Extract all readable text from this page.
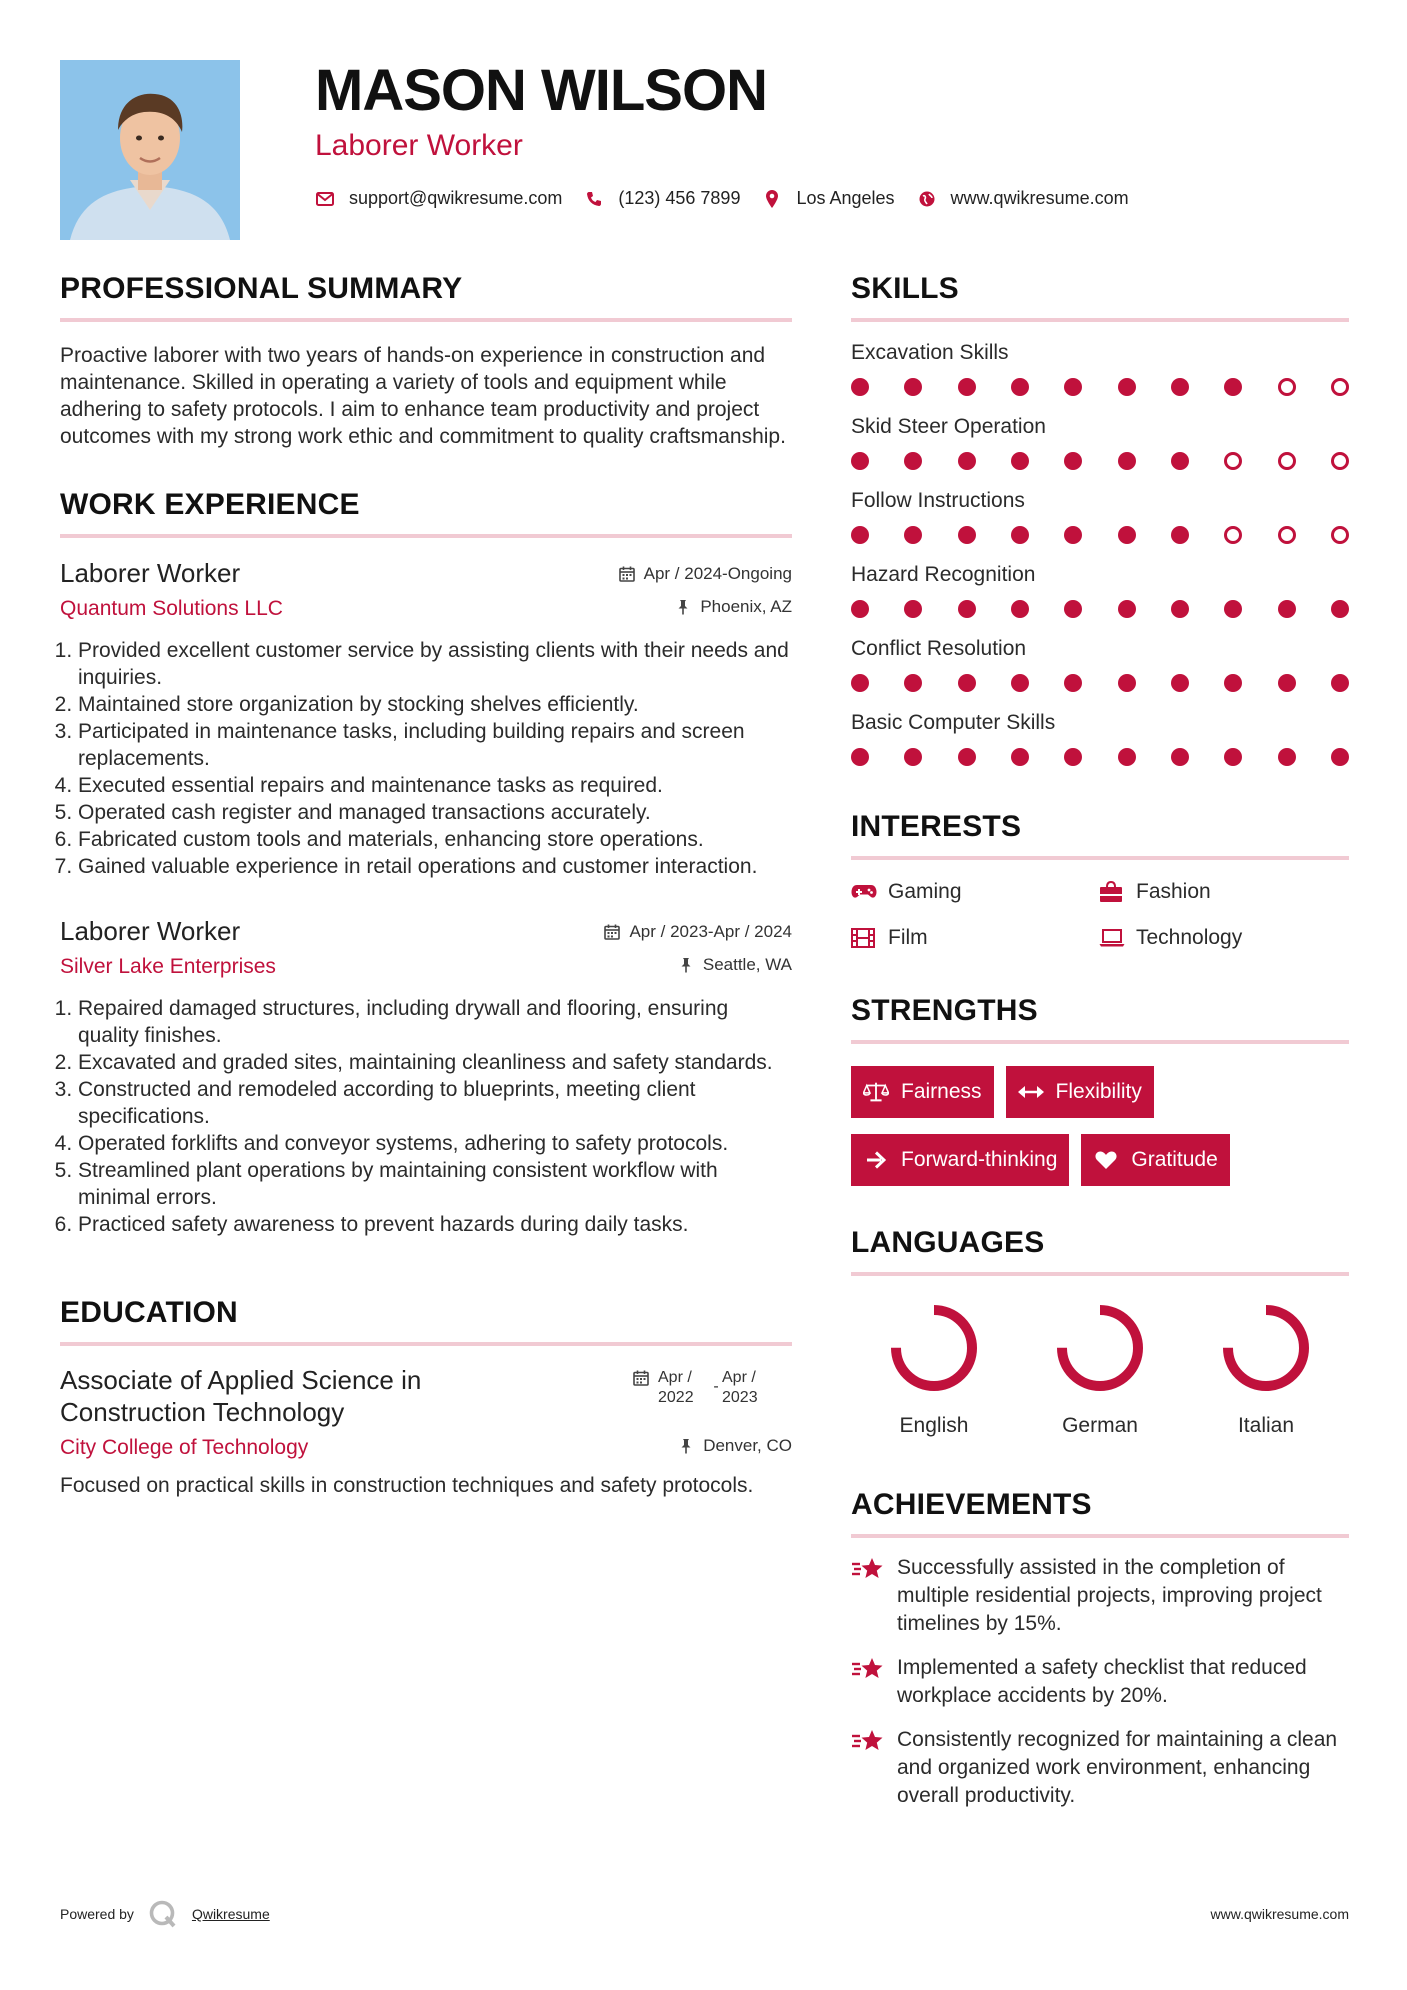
MASON WILSON
Laborer Worker
support@qwikresume.com	(123) 456 7899	Los Angeles	www.qwikresume.com
PROFESSIONAL SUMMARY

Proactive laborer with two years of hands-on experience in construction and maintenance. Skilled in operating a variety of tools and equipment while adhering to safety protocols. I aim to enhance team productivity and project outcomes with my strong work ethic and commitment to quality craftsmanship.

WORK EXPERIENCE
Laborer Worker	Apr / 2024-Ongoing
Quantum Solutions LLC	Phoenix, AZ
1. Provided excellent customer service by assisting clients with their needs and inquiries.
2. Maintained store organization by stocking shelves efficiently.
3. Participated in maintenance tasks, including building repairs and screen replacements.
4. Executed essential repairs and maintenance tasks as required.
5. Operated cash register and managed transactions accurately.
6. Fabricated custom tools and materials, enhancing store operations.
7. Gained valuable experience in retail operations and customer interaction.
Laborer Worker	Apr / 2023-Apr / 2024
Silver Lake Enterprises	Seattle, WA
1. Repaired damaged structures, including drywall and flooring, ensuring quality finishes.
2. Excavated and graded sites, maintaining cleanliness and safety standards.
3. Constructed and remodeled according to blueprints, meeting client specifications.
4. Operated forklifts and conveyor systems, adhering to safety protocols.
5. Streamlined plant operations by maintaining consistent workflow with minimal errors.
6. Practiced safety awareness to prevent hazards during daily tasks.
EDUCATION
Associate of Applied Science in Construction Technology
Apr / 2022
-
Apr / 2023
City College of Technology	Denver, CO

Focused on practical skills in construction techniques and safety protocols.

SKILLS
Excavation Skills
Skid Steer Operation
Follow Instructions
Hazard Recognition
Conflict Resolution
Basic Computer Skills
INTERESTS
Gaming	Fashion
Film	Technology
STRENGTHS
Fairness	Flexibility
Forward-thinking	Gratitude
LANGUAGES
English	German	Italian
ACHIEVEMENTS
Successfully assisted in the completion of multiple residential projects, improving project timelines by 15%.
Implemented a safety checklist that reduced workplace accidents by 20%.
Consistently recognized for maintaining a clean and organized work environment, enhancing overall productivity.
Powered by	Qwikresume	www.qwikresume.com
